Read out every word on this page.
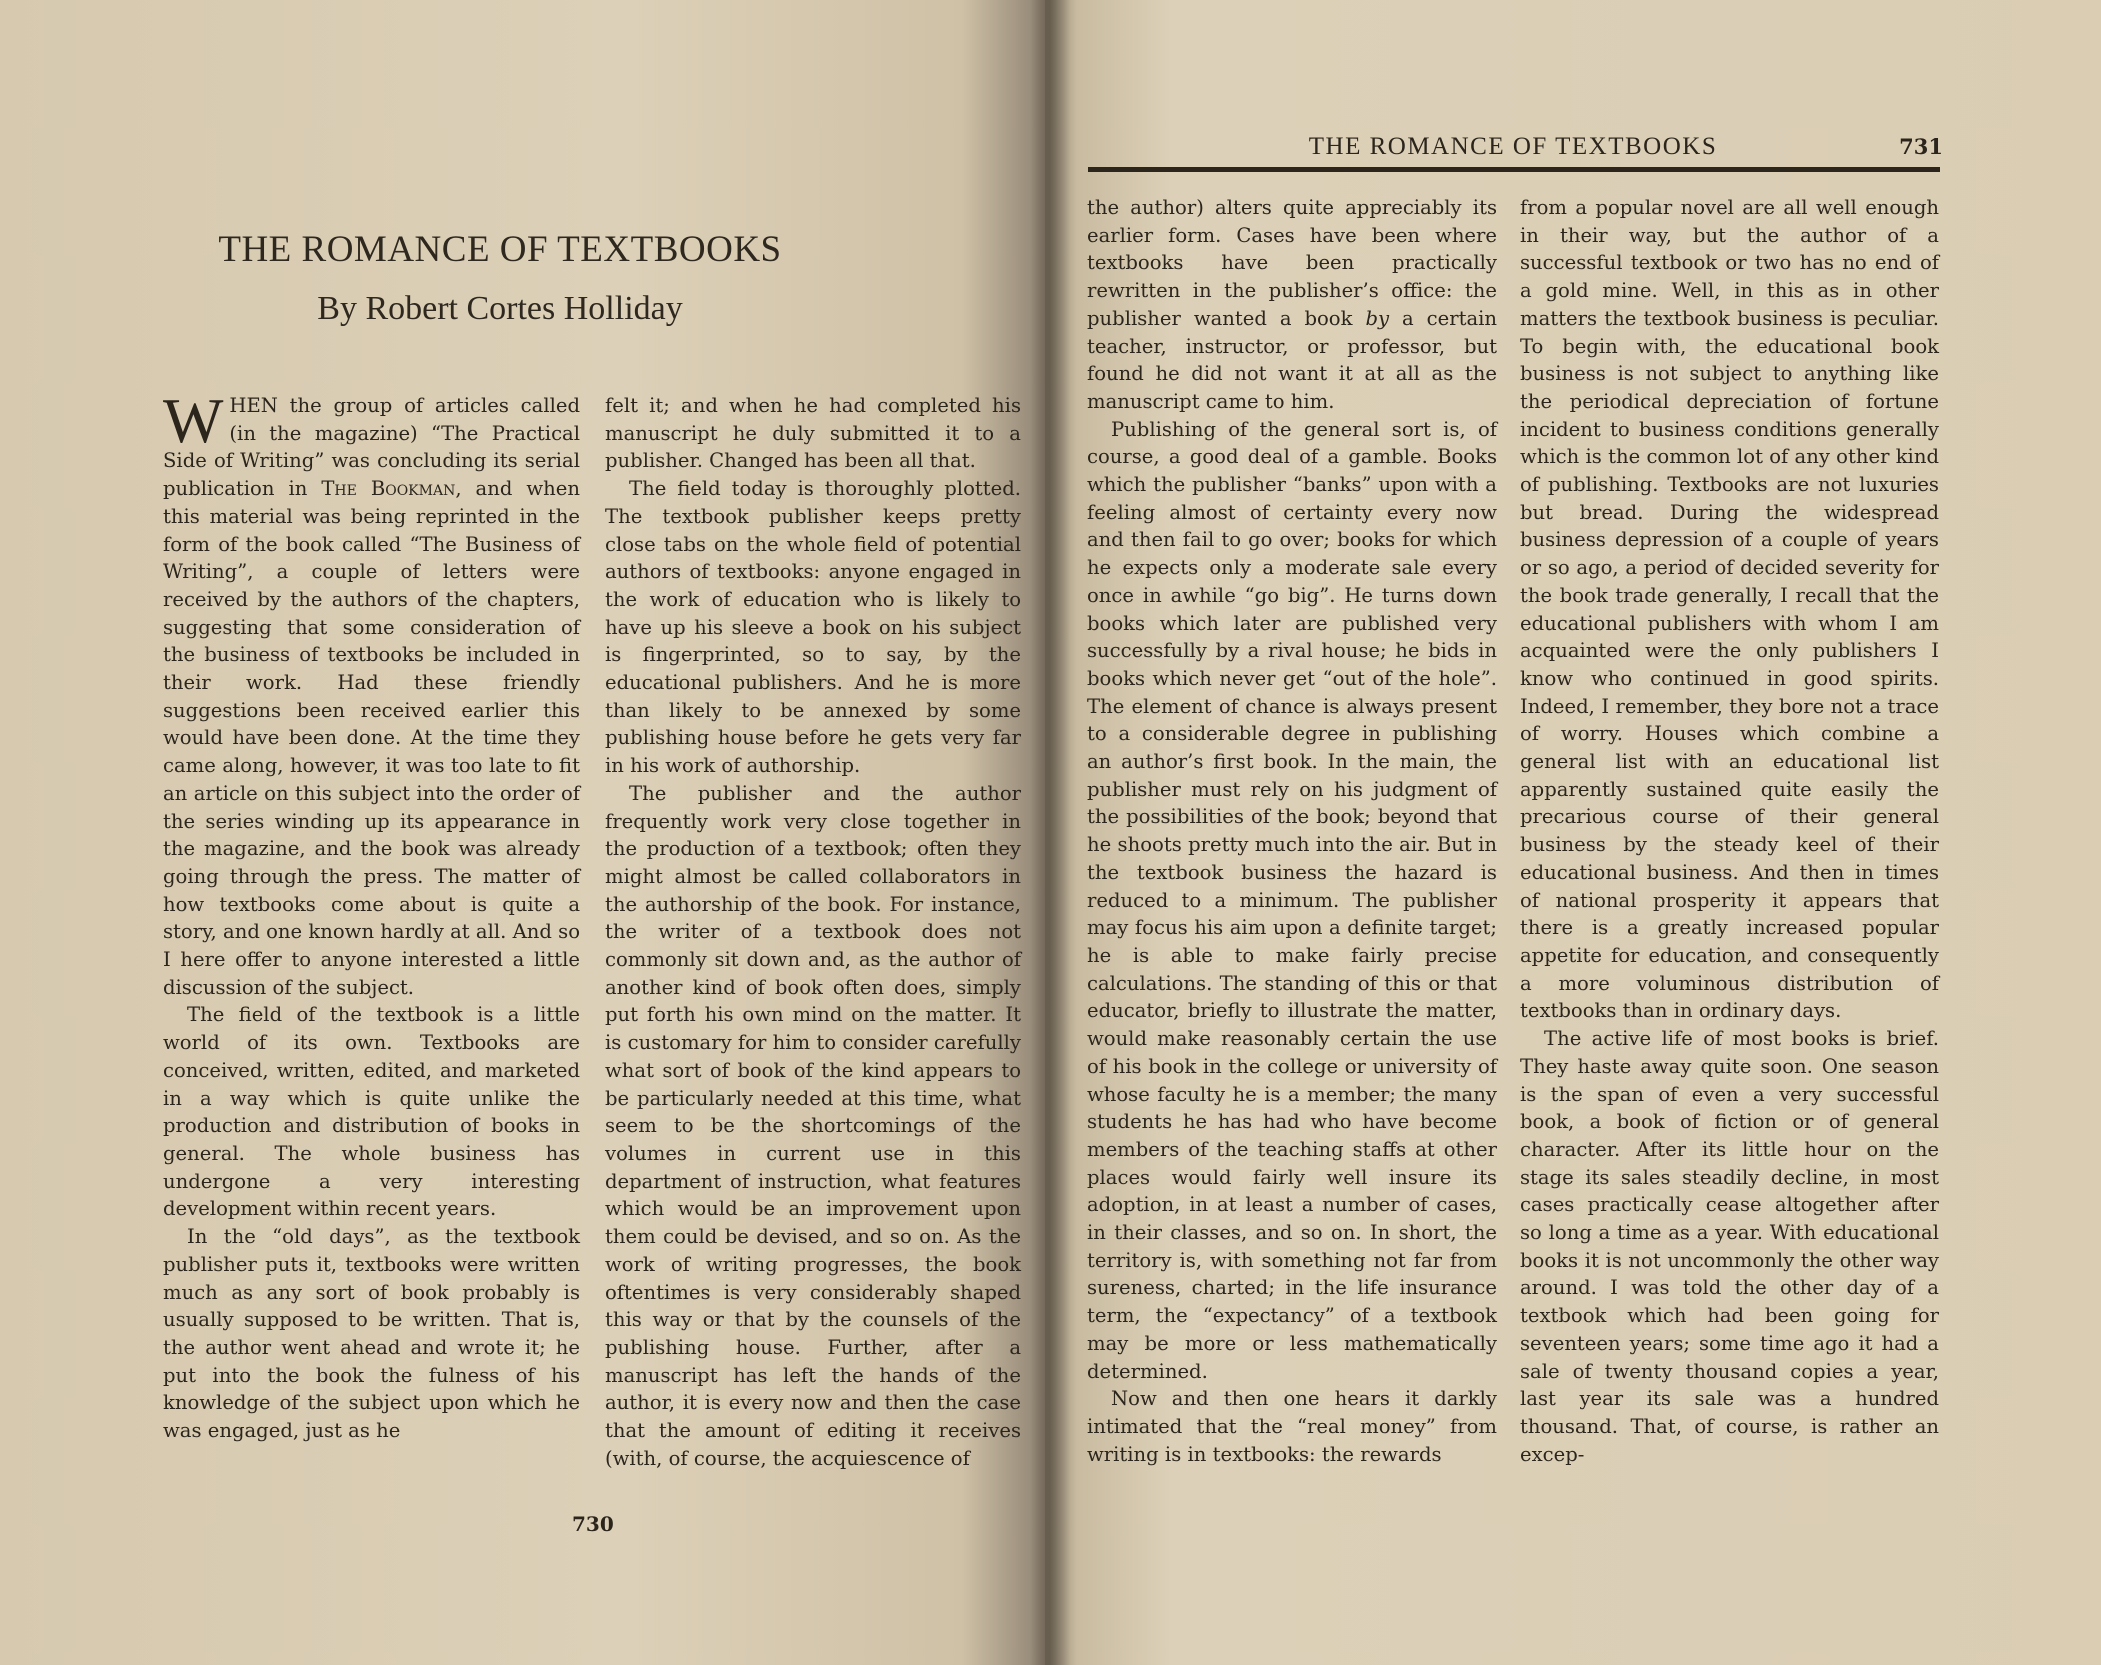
THE ROMANCE OF TEXTBOOKS
By Robert Cortes Holliday

WHEN the group of articles called (in the magazine) “The Practical Side of Writing” was concluding its serial publication in The Bookman, and when this material was being reprinted in the form of the book called “The Business of Writing”, a couple of letters were received by the authors of the chapters, suggesting that some consideration of the business of textbooks be included in their work. Had these friendly suggestions been received earlier this would have been done. At the time they came along, however, it was too late to fit an article on this subject into the order of the series winding up its appearance in the magazine, and the book was already going through the press. The matter of how textbooks come about is quite a story, and one known hardly at all. And so I here offer to anyone interested a little discussion of the subject.

The field of the textbook is a little world of its own. Textbooks are conceived, written, edited, and marketed in a way which is quite unlike the production and distribution of books in general. The whole business has undergone a very interesting development within recent years.

In the “old days”, as the textbook publisher puts it, textbooks were written much as any sort of book probably is usually supposed to be written. That is, the author went ahead and wrote it; he put into the book the fulness of his knowledge of the subject upon which he was engaged, just as he

felt it; and when he had completed his manuscript he duly submitted it to a publisher. Changed has been all that.

The field today is thoroughly plotted. The textbook publisher keeps pretty close tabs on the whole field of potential authors of textbooks: anyone engaged in the work of education who is likely to have up his sleeve a book on his subject is fingerprinted, so to say, by the educational publishers. And he is more than likely to be annexed by some publishing house before he gets very far in his work of authorship.

The publisher and the author frequently work very close together in the production of a textbook; often they might almost be called collaborators in the authorship of the book. For instance, the writer of a textbook does not commonly sit down and, as the author of another kind of book often does, simply put forth his own mind on the matter. It is customary for him to consider carefully what sort of book of the kind appears to be particularly needed at this time, what seem to be the shortcomings of the volumes in current use in this department of instruction, what features which would be an improvement upon them could be devised, and so on. As the work of writing progresses, the book oftentimes is very considerably shaped this way or that by the counsels of the publishing house. Further, after a manuscript has left the hands of the author, it is every now and then the case that the amount of editing it receives (with, of course, the acquiescence of

730
THE ROMANCE OF TEXTBOOKS	731

the author) alters quite appreciably its earlier form. Cases have been where textbooks have been practically rewritten in the publisher’s office: the publisher wanted a book by a certain teacher, instructor, or professor, but found he did not want it at all as the manuscript came to him.

Publishing of the general sort is, of course, a good deal of a gamble. Books which the publisher “banks” upon with a feeling almost of certainty every now and then fail to go over; books for which he expects only a moderate sale every once in awhile “go big”. He turns down books which later are published very successfully by a rival house; he bids in books which never get “out of the hole”. The element of chance is always present to a considerable degree in publishing an author’s first book. In the main, the publisher must rely on his judgment of the possibilities of the book; beyond that he shoots pretty much into the air. But in the textbook business the hazard is reduced to a minimum. The publisher may focus his aim upon a definite target; he is able to make fairly precise calculations. The standing of this or that educator, briefly to illustrate the matter, would make reasonably certain the use of his book in the college or university of whose faculty he is a member; the many students he has had who have become members of the teaching staffs at other places would fairly well insure its adoption, in at least a number of cases, in their classes, and so on. In short, the territory is, with something not far from sureness, charted; in the life insurance term, the “expectancy” of a textbook may be more or less mathematically determined.

Now and then one hears it darkly intimated that the “real money” from writing is in textbooks: the rewards

from a popular novel are all well enough in their way, but the author of a successful textbook or two has no end of a gold mine. Well, in this as in other matters the textbook business is peculiar. To begin with, the educational book business is not subject to anything like the periodical depreciation of fortune incident to business conditions generally which is the common lot of any other kind of publishing. Textbooks are not luxuries but bread. During the widespread business depression of a couple of years or so ago, a period of decided severity for the book trade generally, I recall that the educational publishers with whom I am acquainted were the only publishers I know who continued in good spirits. Indeed, I remember, they bore not a trace of worry. Houses which combine a general list with an educational list apparently sustained quite easily the precarious course of their general business by the steady keel of their educational business. And then in times of national prosperity it appears that there is a greatly increased popular appetite for education, and consequently a more voluminous distribution of textbooks than in ordinary days.

The active life of most books is brief. They haste away quite soon. One season is the span of even a very successful book, a book of fiction or of general character. After its little hour on the stage its sales steadily decline, in most cases practically cease altogether after so long a time as a year. With educational books it is not uncommonly the other way around. I was told the other day of a textbook which had been going for seventeen years; some time ago it had a sale of twenty thousand copies a year, last year its sale was a hundred thousand. That, of course, is rather an excep-
